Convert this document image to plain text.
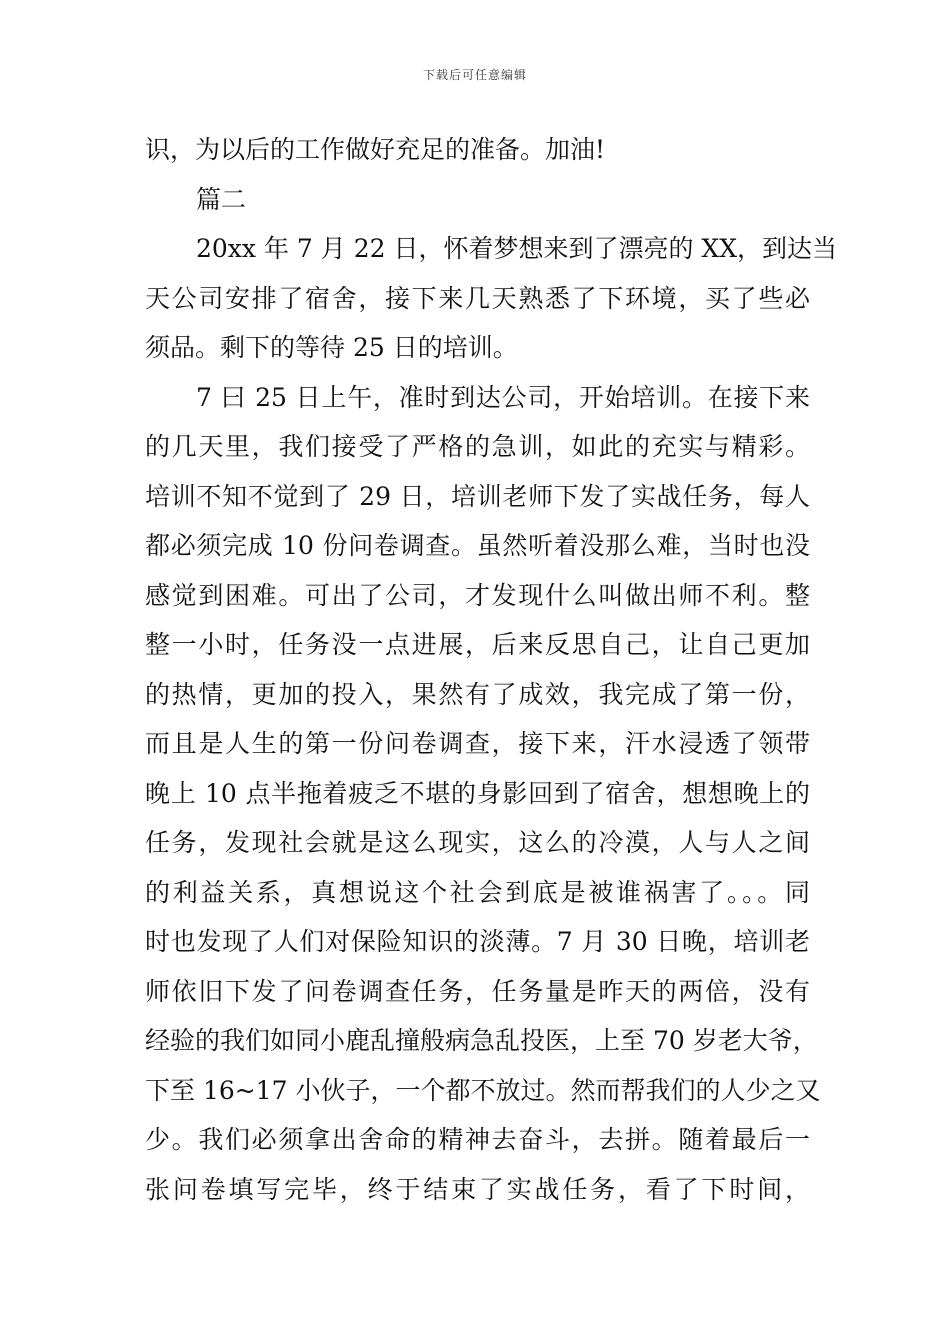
下载后可任意编辑
识，为以后的工作做好充足的准备。加油!
篇二
20xx 年 7 月 22 日，怀着梦想来到了漂亮的 XX，到达当
天公司安排了宿舍，接下来几天熟悉了下环境，买了些必
须品。剩下的等待 25 日的培训。
7 曰 25 日上午，准时到达公司，开始培训。在接下来
的几天里，我们接受了严格的急训，如此的充实与精彩。
培训不知不觉到了 29 日，培训老师下发了实战任务，每人
都必须完成 10 份问卷调查。虽然听着没那么难，当时也没
感觉到困难。可出了公司，才发现什么叫做出师不利。整
整一小时，任务没一点进展，后来反思自己，让自己更加
的热情，更加的投入，果然有了成效，我完成了第一份，
而且是人生的第一份问卷调查，接下来，汗水浸透了领带
晚上 10 点半拖着疲乏不堪的身影回到了宿舍，想想晚上的
任务，发现社会就是这么现实，这么的冷漠，人与人之间
的利益关系，真想说这个社会到底是被谁祸害了。。。同
时也发现了人们对保险知识的淡薄。7 月 30 日晚，培训老
师依旧下发了问卷调查任务，任务量是昨天的两倍，没有
经验的我们如同小鹿乱撞般病急乱投医，上至 70 岁老大爷，
下至 16~17 小伙子，一个都不放过。然而帮我们的人少之又
少。我们必须拿出舍命的精神去奋斗，去拼。随着最后一
张问卷填写完毕，终于结束了实战任务，看了下时间，
